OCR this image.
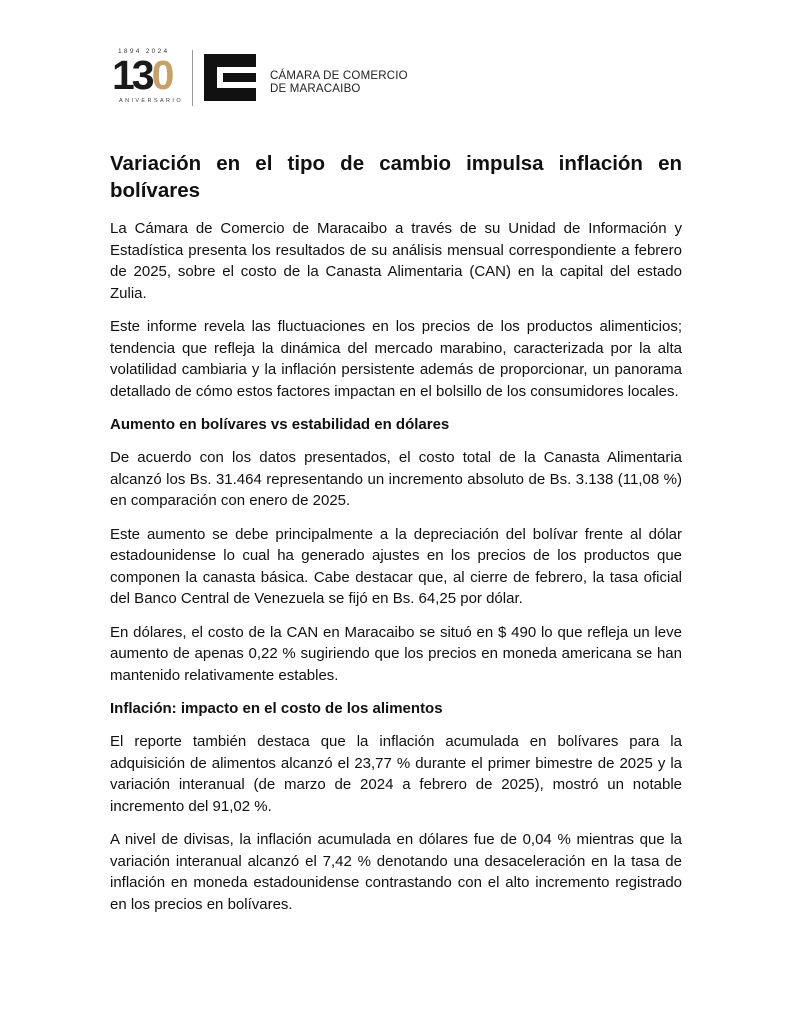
1894 2024
130
ANIVERSARIO
CÁMARA DE COMERCIO
DE MARACAIBO
Variación en el tipo de cambio impulsa inflación en bolívares

La Cámara de Comercio de Maracaibo a través de su Unidad de Información y Estadística presenta los resultados de su análisis mensual correspondiente a febrero de 2025, sobre el costo de la Canasta Alimentaria (CAN) en la capital del estado Zulia.

Este informe revela las fluctuaciones en los precios de los productos alimenticios; tendencia que refleja la dinámica del mercado marabino, caracterizada por la alta volatilidad cambiaria y la inflación persistente además de proporcionar, un panorama detallado de cómo estos factores impactan en el bolsillo de los consumidores locales.

Aumento en bolívares vs estabilidad en dólares

De acuerdo con los datos presentados, el costo total de la Canasta Alimentaria alcanzó los Bs. 31.464 representando un incremento absoluto de Bs. 3.138 (11,08 %) en comparación con enero de 2025.

Este aumento se debe principalmente a la depreciación del bolívar frente al dólar estadounidense lo cual ha generado ajustes en los precios de los productos que componen la canasta básica. Cabe destacar que, al cierre de febrero, la tasa oficial del Banco Central de Venezuela se fijó en Bs. 64,25 por dólar.

En dólares, el costo de la CAN en Maracaibo se situó en $ 490 lo que refleja un leve aumento de apenas 0,22 % sugiriendo que los precios en moneda americana se han mantenido relativamente estables.

Inflación: impacto en el costo de los alimentos

El reporte también destaca que la inflación acumulada en bolívares para la adquisición de alimentos alcanzó el 23,77 % durante el primer bimestre de 2025 y la variación interanual (de marzo de 2024 a febrero de 2025), mostró un notable incremento del 91,02 %.

A nivel de divisas, la inflación acumulada en dólares fue de 0,04 % mientras que la variación interanual alcanzó el 7,42 % denotando una desaceleración en la tasa de inflación en moneda estadounidense contrastando con el alto incremento registrado en los precios en bolívares.
